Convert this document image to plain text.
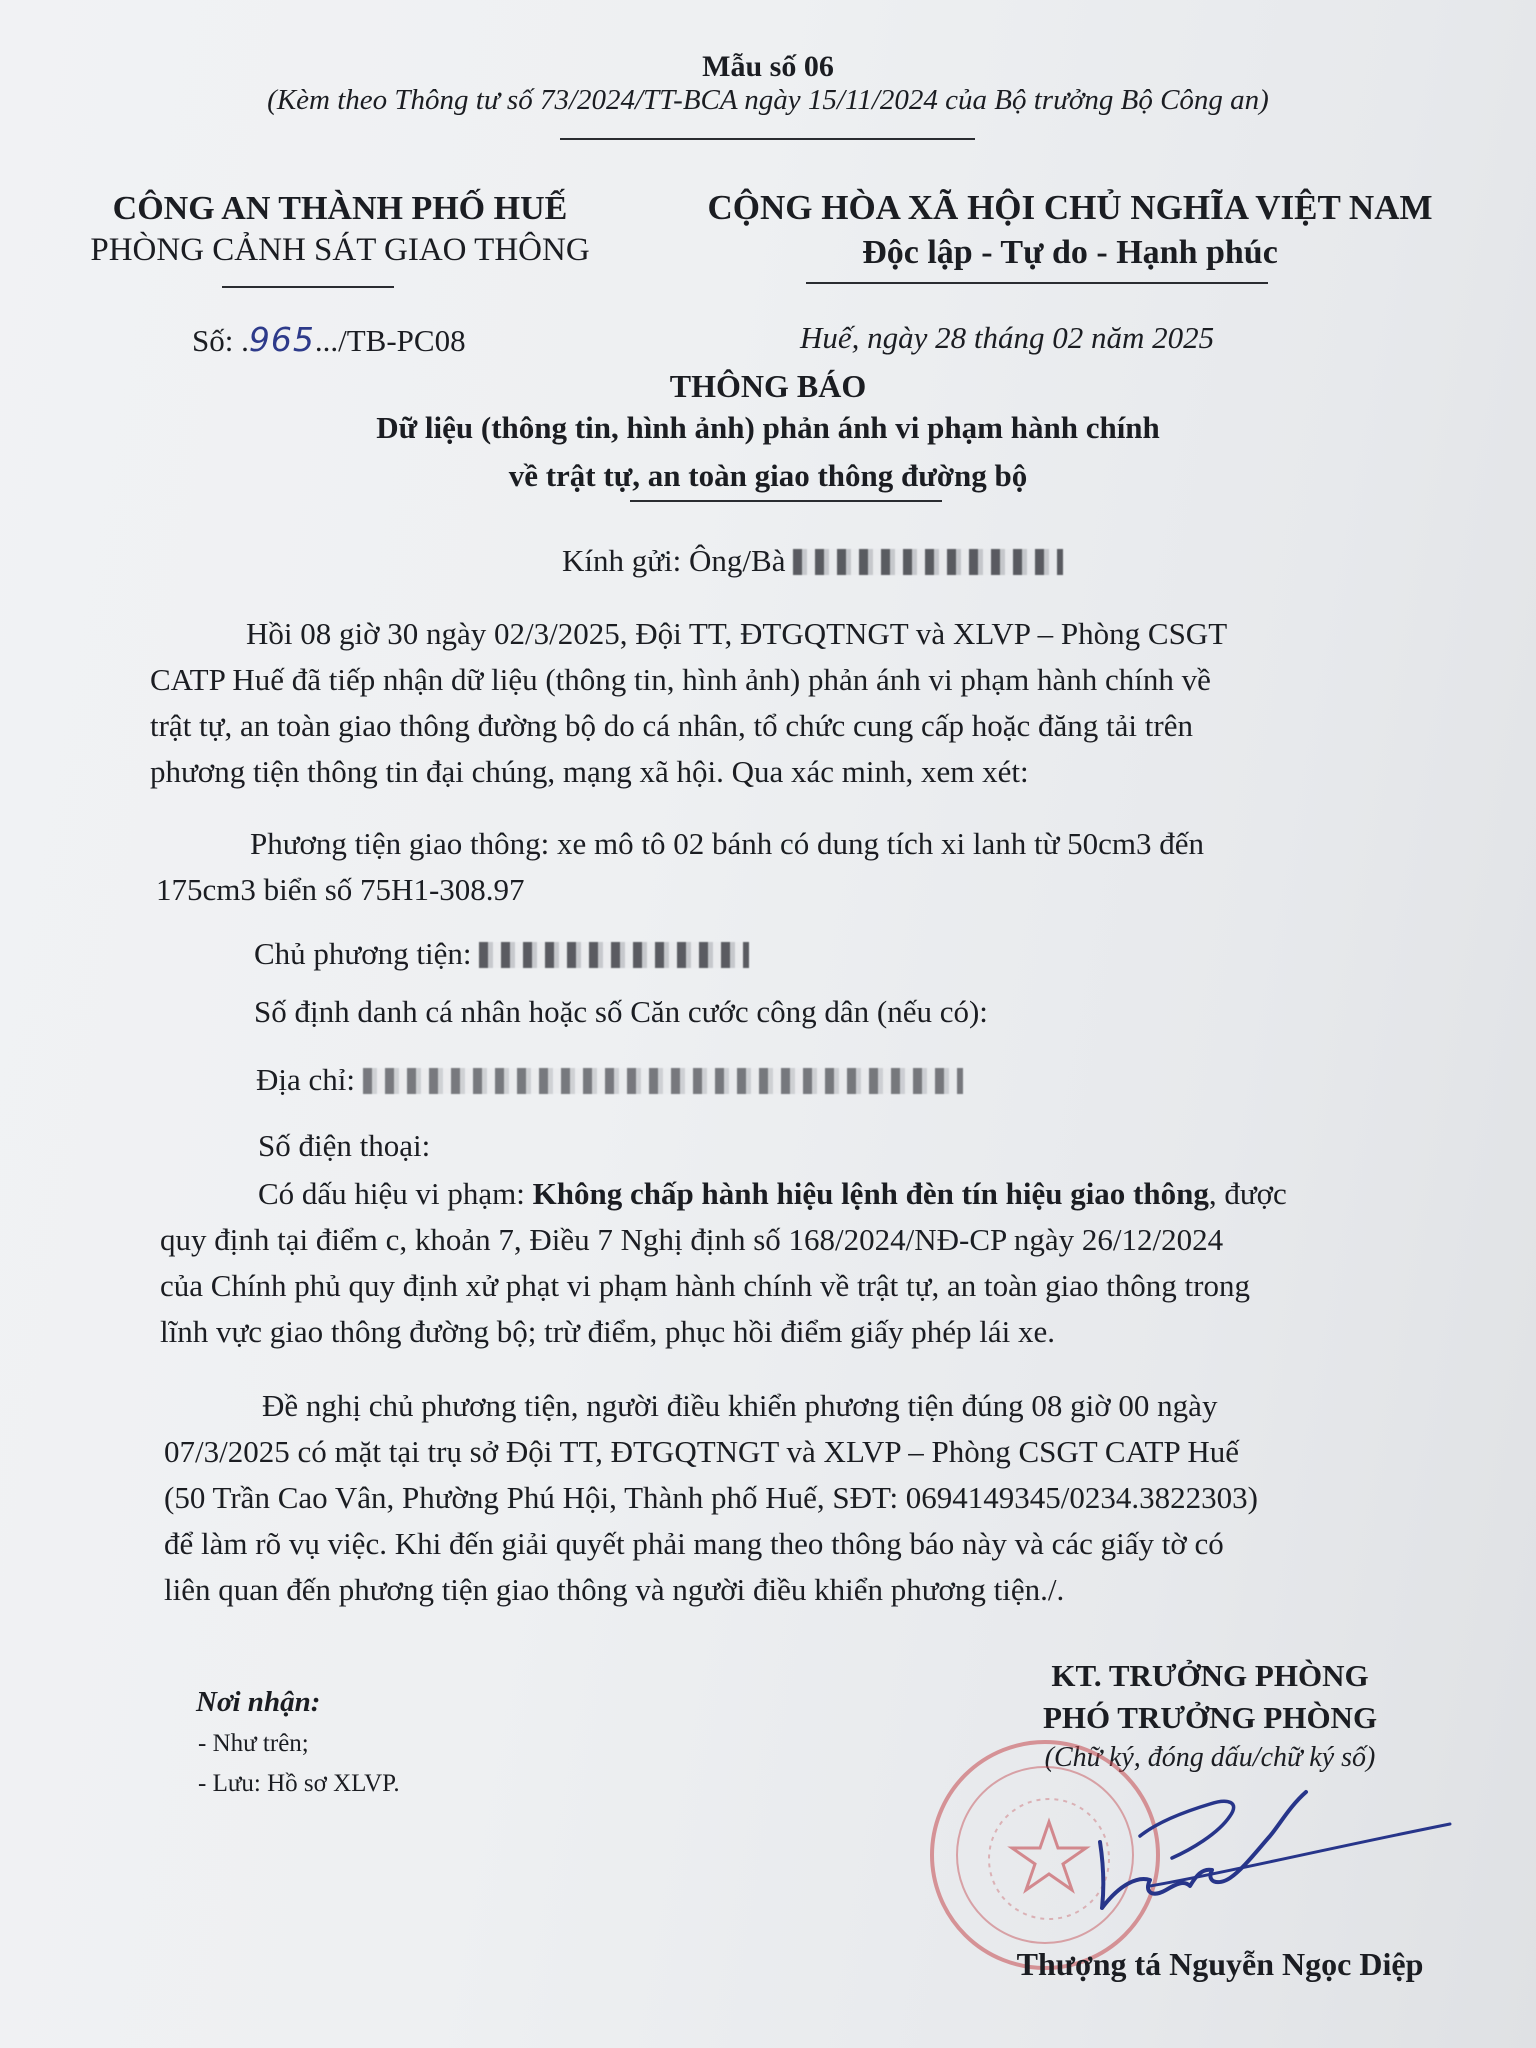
Mẫu số 06
(Kèm theo Thông tư số 73/2024/TT-BCA ngày 15/11/2024 của Bộ trưởng Bộ Công an)
CÔNG AN THÀNH PHỐ HUẾ
PHÒNG CẢNH SÁT GIAO THÔNG
CỘNG HÒA XÃ HỘI CHỦ NGHĨA VIỆT NAM
Độc lập - Tự do - Hạnh phúc
Số: .965.../TB-PC08	Huế, ngày 28 tháng 02 năm 2025
THÔNG BÁO
Dữ liệu (thông tin, hình ảnh) phản ánh vi phạm hành chính
về trật tự, an toàn giao thông đường bộ
Kính gửi: Ông/Bà
Hồi 08 giờ 30 ngày 02/3/2025, Đội TT, ĐTGQTNGT và XLVP – Phòng CSGT
CATP Huế đã tiếp nhận dữ liệu (thông tin, hình ảnh) phản ánh vi phạm hành chính về
trật tự, an toàn giao thông đường bộ do cá nhân, tổ chức cung cấp hoặc đăng tải trên
phương tiện thông tin đại chúng, mạng xã hội. Qua xác minh, xem xét:
Phương tiện giao thông: xe mô tô 02 bánh có dung tích xi lanh từ 50cm3 đến
175cm3 biển số 75H1-308.97
Chủ phương tiện:
Số định danh cá nhân hoặc số Căn cước công dân (nếu có):
Địa chỉ:
Số điện thoại:
Có dấu hiệu vi phạm: Không chấp hành hiệu lệnh đèn tín hiệu giao thông, được
quy định tại điểm c, khoản 7, Điều 7 Nghị định số 168/2024/NĐ-CP ngày 26/12/2024
của Chính phủ quy định xử phạt vi phạm hành chính về trật tự, an toàn giao thông trong
lĩnh vực giao thông đường bộ; trừ điểm, phục hồi điểm giấy phép lái xe.
Đề nghị chủ phương tiện, người điều khiển phương tiện đúng 08 giờ 00 ngày
07/3/2025 có mặt tại trụ sở Đội TT, ĐTGQTNGT và XLVP – Phòng CSGT CATP Huế
(50 Trần Cao Vân, Phường Phú Hội, Thành phố Huế, SĐT: 0694149345/0234.3822303)
để làm rõ vụ việc. Khi đến giải quyết phải mang theo thông báo này và các giấy tờ có
liên quan đến phương tiện giao thông và người điều khiển phương tiện./.
Nơi nhận:
- Như trên;
- Lưu: Hồ sơ XLVP.
KT. TRƯỞNG PHÒNG
PHÓ TRƯỞNG PHÒNG
(Chữ ký, đóng dấu/chữ ký số)
Thượng tá Nguyễn Ngọc Diệp
